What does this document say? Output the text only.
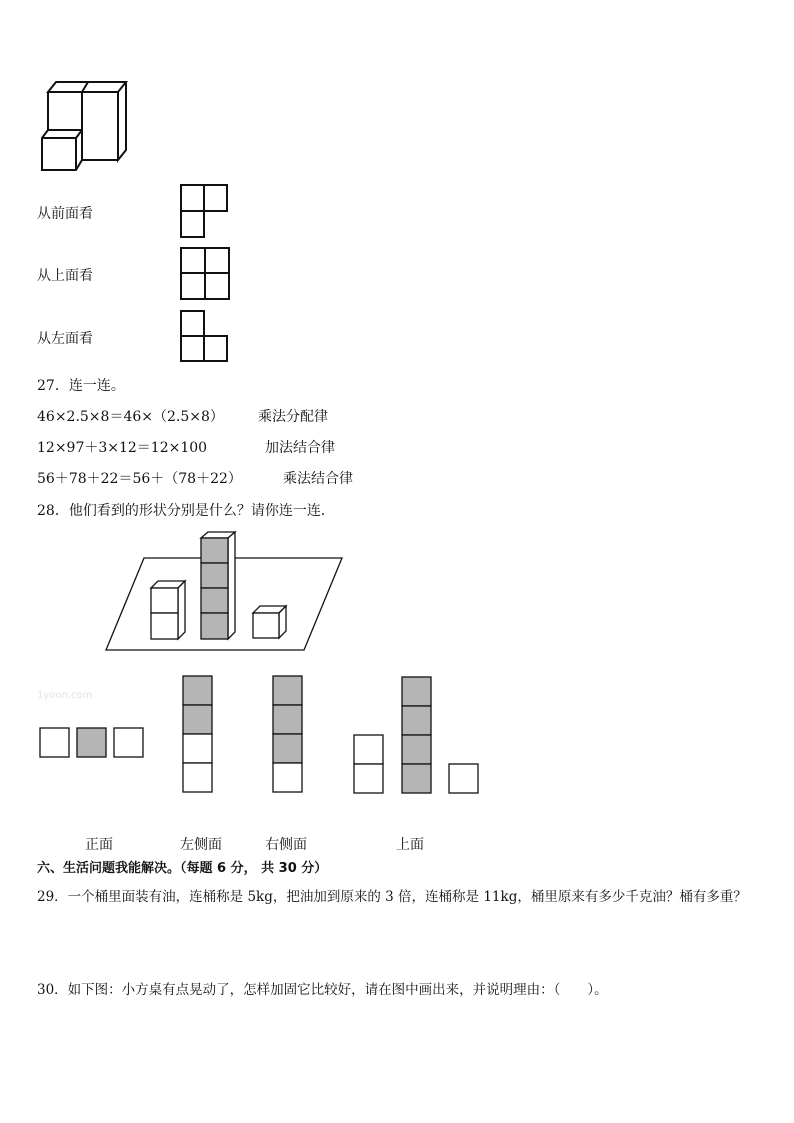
从前面看
从上面看
从左面看
27．连一连。
46×2.5×8＝46×（2.5×8） 乘法分配律
12×97＋3×12＝12×100	加法结合律
56＋78＋22＝56＋（78＋22）	乘法结合律
28．他们看到的形状分别是什么？请你连一连．
1yoon.com
正面	左侧面	右侧面	上面
六、生活问题我能解决。（每题 6 分， 共 30 分）
29．一个桶里面装有油，连桶称是 5kg，把油加到原来的 3 倍，连桶称是 11kg，桶里原来有多少千克油？桶有多重？
30．如下图：小方桌有点晃动了，怎样加固它比较好，请在图中画出来，并说明理由：（　　）。
